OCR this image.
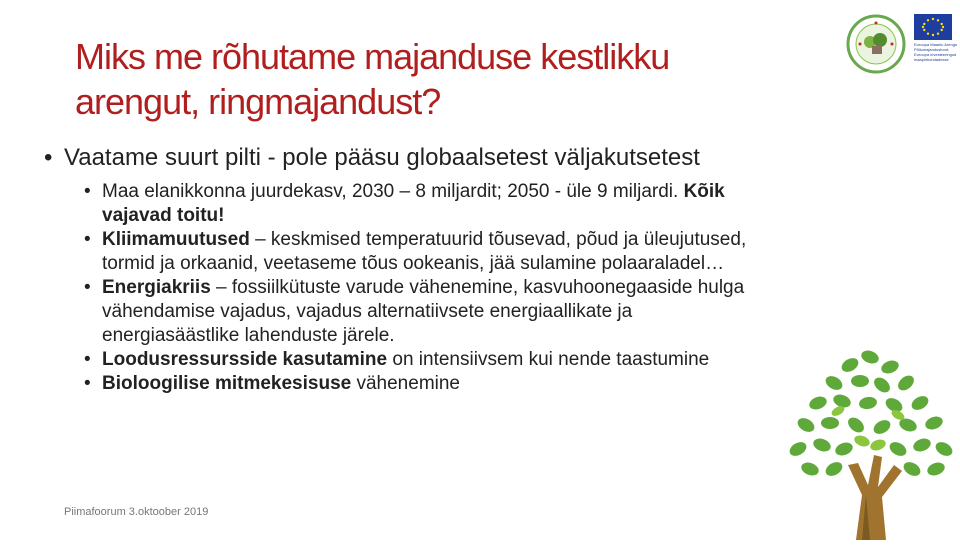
Miks me rõhutame majanduse kestlikku
arengut, ringmajandust?
Euroopa Maaelu Arengu
Põllumajandusfond:
Euroopa investeeringud
maapiirkondadesse
• Vaatame suurt pilti - pole pääsu globaalsetest väljakutsetest
• Maa elanikkonna juurdekasv, 2030 – 8 miljardit; 2050 - üle 9 miljardi. Kõik
vajavad toitu!
• Kliimamuutused – keskmised temperatuurid tõusevad, põud ja üleujutused,
tormid ja orkaanid, veetaseme tõus ookeanis, jää sulamine polaaraladel…
• Energiakriis – fossiilkütuste varude vähenemine, kasvuhoonegaaside hulga
vähendamise vajadus, vajadus alternatiivsete energiaallikate ja
energiasäästlike lahenduste järele.
• Loodusressursside kasutamine on intensiivsem kui nende taastumine
• Bioloogilise mitmekesisuse vähenemine
Piimafoorum 3.oktoober 2019
